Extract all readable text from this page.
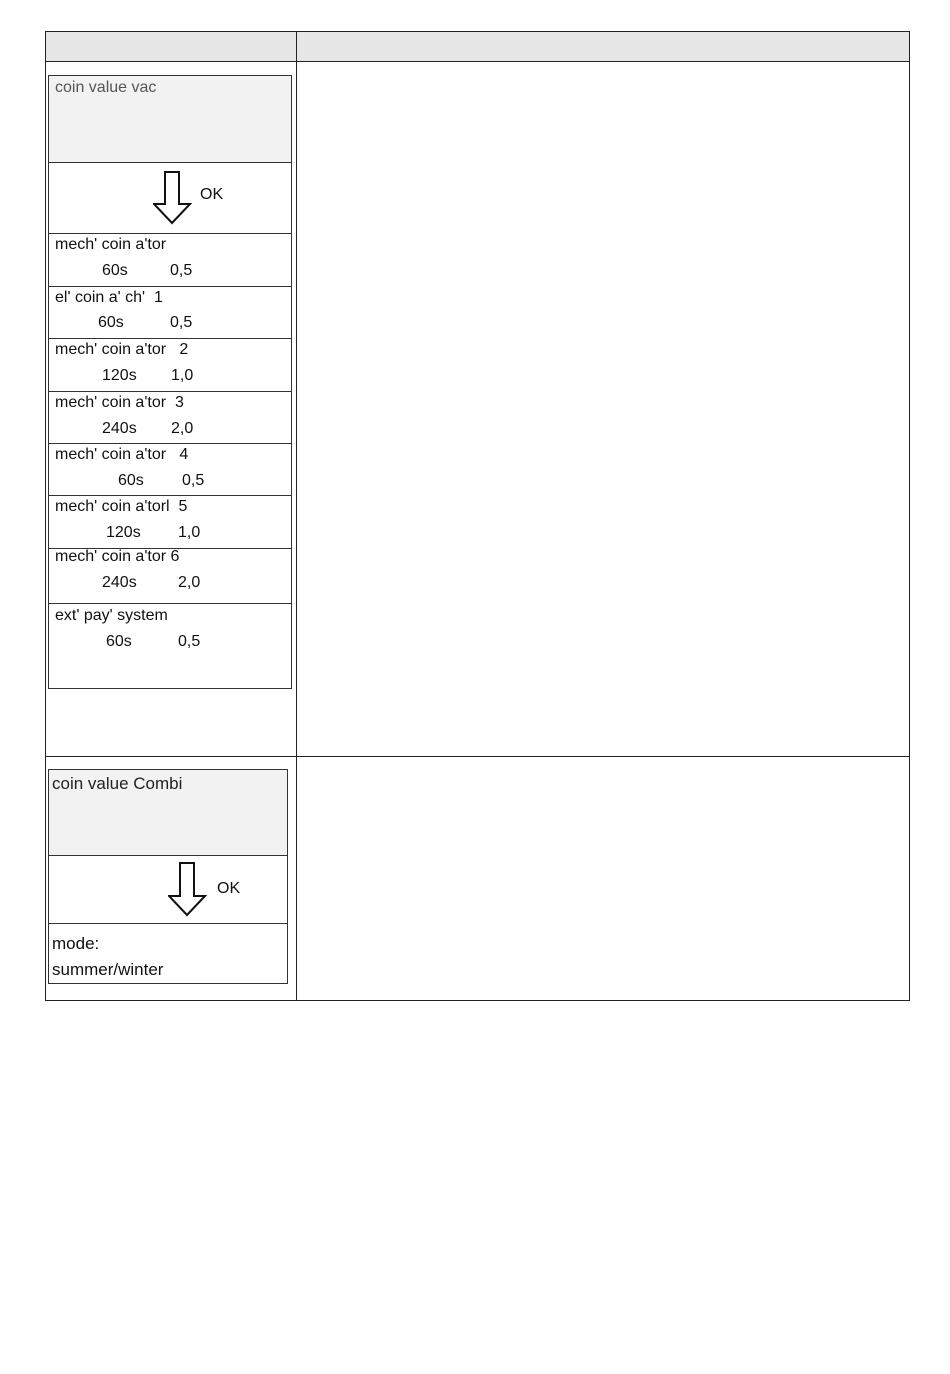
coin value vac
OK
mech' coin a'tor
60s	0,5
el' coin a' ch'  1
60s	0,5
mech' coin a'tor   2
120s 1,0
mech' coin a'tor  3
240s 2,0
mech' coin a'tor   4
60s 0,5
mech' coin a'torl  5
120s 1,0
mech' coin a'tor 6
240s	2,0
ext' pay' system
60s	0,5
coin value Combi
OK
mode:
summer/winter
